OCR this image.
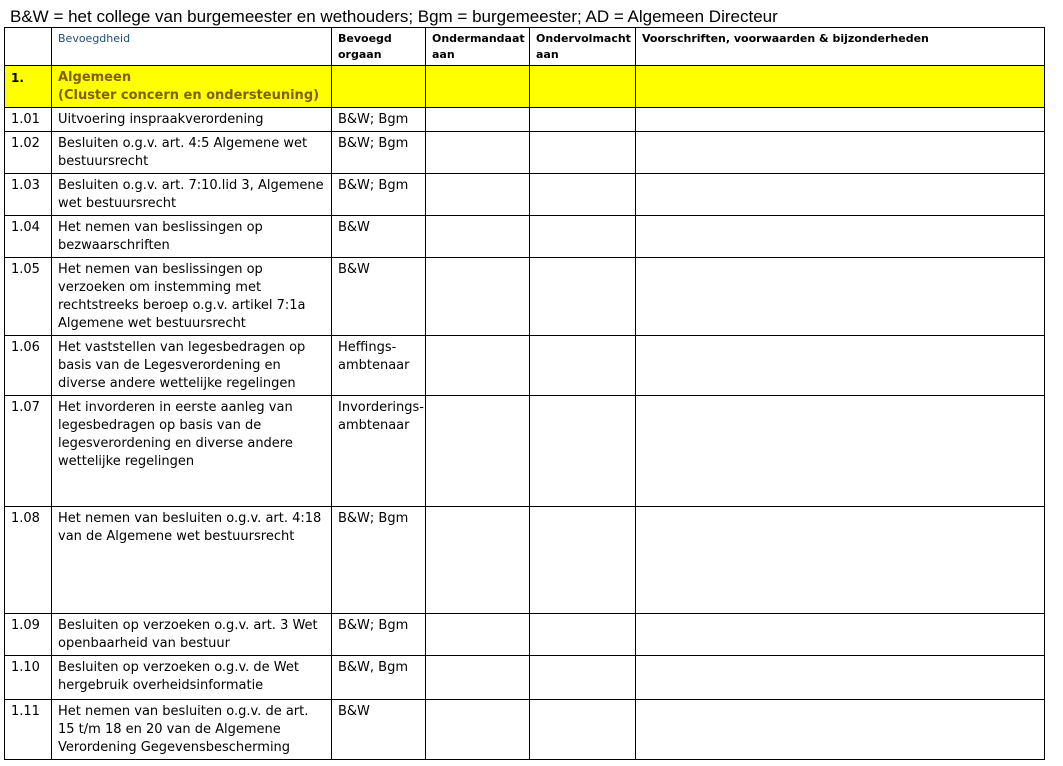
B&W = het college van burgemeester en wethouders; Bgm = burgemeester; AD = Algemeen Directeur
	Bevoegdheid	Bevoegd orgaan	Ondermandaat aan	Ondervolmacht aan	Voorschriften, voorwaarden & bijzonderheden
1.	Algemeen
(Cluster concern en ondersteuning)				

1.01	Uitvoering inspraakverordening	B&W; Bgm			
1.02	Besluiten o.g.v. art. 4:5 Algemene wet bestuursrecht	B&W; Bgm			
1.03	Besluiten o.g.v. art. 7:10.lid 3, Algemene wet bestuursrecht	B&W; Bgm			
1.04	Het nemen van beslissingen op bezwaarschriften	B&W			
1.05	Het nemen van beslissingen op verzoeken om instemming met rechtstreeks beroep o.g.v. artikel 7:1a Algemene wet bestuursrecht	B&W			
1.06	Het vaststellen van legesbedragen op basis van de Legesverordening en diverse andere wettelijke regelingen	Heffings-ambtenaar			
1.07	Het invorderen in eerste aanleg van legesbedragen op basis van de legesverordening en diverse andere wettelijke regelingen	Invorderings-ambtenaar			
1.08	Het nemen van besluiten o.g.v. art. 4:18 van de Algemene wet bestuursrecht	B&W; Bgm			
1.09	Besluiten op verzoeken o.g.v. art. 3 Wet openbaarheid van bestuur	B&W; Bgm			
1.10	Besluiten op verzoeken o.g.v. de Wet hergebruik overheidsinformatie	B&W, Bgm			
1.11	Het nemen van besluiten o.g.v. de art. 15 t/m 18 en 20 van de Algemene Verordening Gegevensbescherming	B&W			
